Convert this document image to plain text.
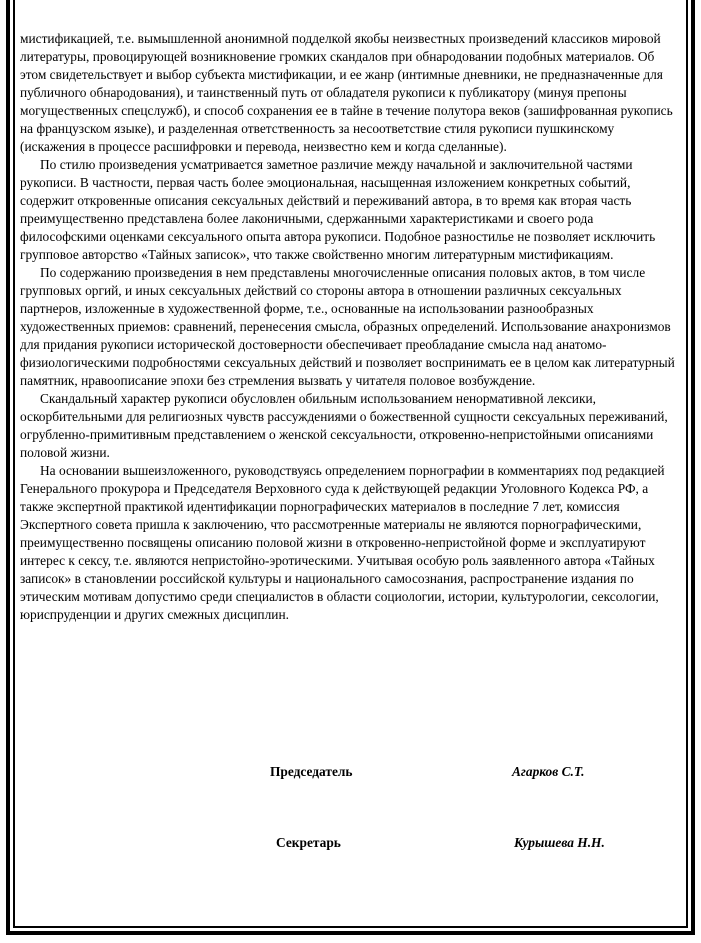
мистификацией, т.е. вымышленной анонимной подделкой якобы неизвестных произведений классиков мировой литературы, провоцирующей возникновение громких скандалов при обнародовании подобных материалов. Об этом свидетельствует и выбор субъекта мистификации, и ее жанр (интимные дневники, не предназначенные для публичного обнародования), и таинственный путь от обладателя рукописи к публикатору (минуя препоны могущественных спецслужб), и способ сохранения ее в тайне в течение полутора веков (зашифрованная рукопись на французском языке), и разделенная ответственность за несоответствие стиля рукописи пушкинскому (искажения в процессе расшифровки и перевода, неизвестно кем и когда сделанные).

По стилю произведения усматривается заметное различие между начальной и заключительной частями рукописи. В частности, первая часть более эмоциональная, насыщенная изложением конкретных событий, содержит откровенные описания сексуальных действий и переживаний автора, в то время как вторая часть преимущественно представлена более лаконичными, сдержанными характеристиками и своего рода философскими оценками сексуального опыта автора рукописи. Подобное разностилье не позволяет исключить групповое авторство «Тайных записок», что также свойственно многим литературным мистификациям.

По содержанию произведения в нем представлены многочисленные описания половых актов, в том числе групповых оргий, и иных сексуальных действий со стороны автора в отношении различных сексуальных партнеров, изложенные в художественной форме, т.е., основанные на использовании разнообразных художественных приемов: сравнений, перенесения смысла, образных определений. Использование анахронизмов для придания рукописи исторической достоверности обеспечивает преобладание смысла над анатомо-физиологическими подробностями сексуальных действий и позволяет воспринимать ее в целом как литературный памятник, нравоописание эпохи без стремления вызвать у читателя половое возбуждение.

Скандальный характер рукописи обусловлен обильным использованием ненормативной лексики, оскорбительными для религиозных чувств рассуждениями о божественной сущности сексуальных переживаний, огрубленно-примитивным представлением о женской сексуальности, откровенно-непристойными описаниями половой жизни.

На основании вышеизложенного, руководствуясь определением порнографии в комментариях под редакцией Генерального прокурора и Председателя Верховного суда к действующей редакции Уголовного Кодекса РФ, а также экспертной практикой идентификации порнографических материалов в последние 7 лет, комиссия Экспертного совета пришла к заключению, что рассмотренные материалы не являются порнографическими, преимущественно посвящены описанию половой жизни в откровенно-непристойной форме и эксплуатируют интерес к сексу, т.е. являются непристойно-эротическими. Учитывая особую роль заявленного автора «Тайных записок» в становлении российской культуры и национального самосознания, распространение издания по этическим мотивам допустимо среди специалистов в области социологии, истории, культурологии, сексологии, юриспруденции и других смежных дисциплин.

Председатель	Агарков С.Т.
Секретарь	Курышева Н.Н.
